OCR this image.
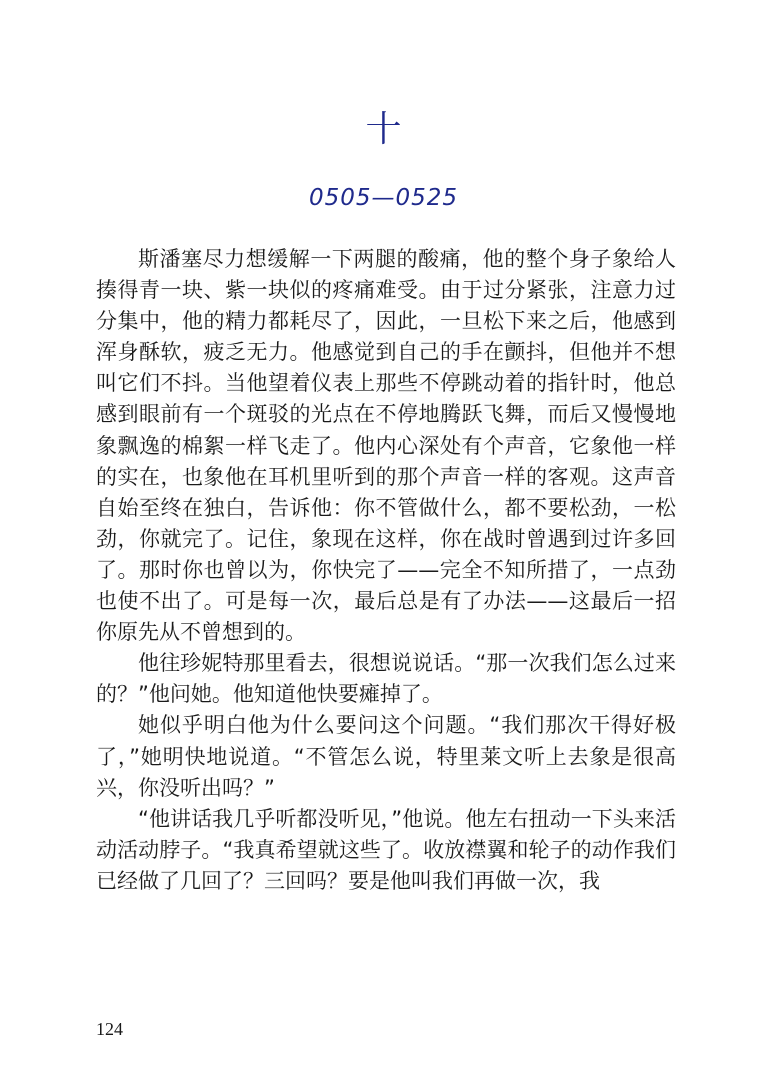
十
0505—0525

斯潘塞尽力想缓解一下两腿的酸痛，他的整个身子象给人揍得青一块、紫一块似的疼痛难受。由于过分紧张，注意力过分集中，他的精力都耗尽了，因此，一旦松下来之后，他感到浑身酥软，疲乏无力。他感觉到自己的手在颤抖，但他并不想叫它们不抖。当他望着仪表上那些不停跳动着的指针时，他总感到眼前有一个斑驳的光点在不停地腾跃飞舞，而后又慢慢地象飘逸的棉絮一样飞走了。他内心深处有个声音，它象他一样的实在，也象他在耳机里听到的那个声音一样的客观。这声音自始至终在独白，告诉他：你不管做什么，都不要松劲，一松劲，你就完了。记住，象现在这样，你在战时曾遇到过许多回了。那时你也曾以为，你快完了——完全不知所措了，一点劲也使不出了。可是每一次，最后总是有了办法——这最后一招你原先从不曾想到的。

他往珍妮特那里看去，很想说说话。“那一次我们怎么过来的？”他问她。他知道他快要瘫掉了。

她似乎明白他为什么要问这个问题。“我们那次干得好极了，”她明快地说道。“不管怎么说，特里莱文听上去象是很高兴，你没听出吗？”

“他讲话我几乎听都没听见，”他说。他左右扭动一下头来活动活动脖子。“我真希望就这些了。收放襟翼和轮子的动作我们已经做了几回了？三回吗？要是他叫我们再做一次，我

124
